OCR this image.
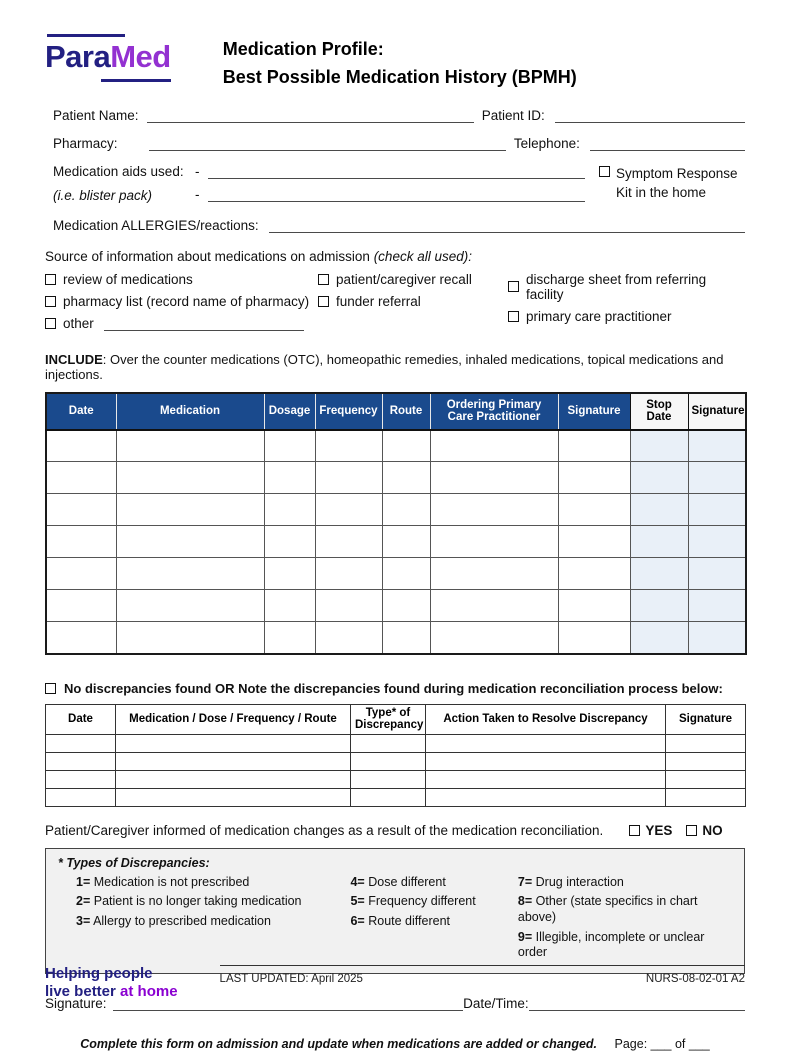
ParaMed	Medication Profile:
Best Possible Medication History (BPMH)
Patient Name:	Patient ID:
Pharmacy:	Telephone:
Medication aids used:
(i.e. blister pack)
-
-
Symptom Response
Kit in the home
Medication ALLERGIES/reactions:
Source of information about medications on admission (check all used):
review of medications
pharmacy list (record name of pharmacy)
other
patient/caregiver recall
funder referral
discharge sheet from referring facility
primary care practitioner
INCLUDE: Over the counter medications (OTC), homeopathic remedies, inhaled medications, topical medications and injections.
Date	Medication	Dosage	Frequency	Route	Ordering Primary Care Practitioner	Signature	Stop Date	Signature

No discrepancies found OR Note the discrepancies found during medication reconciliation process below:
Date	Medication / Dose / Frequency / Route	Type* of Discrepancy	Action Taken to Resolve Discrepancy	Signature

Patient/Caregiver informed of medication changes as a result of the medication reconciliation.	YES NO
* Types of Discrepancies:
1= Medication is not prescribed
2= Patient is no longer taking medication
3= Allergy to prescribed medication
4= Dose different
5= Frequency different
6= Route different
7= Drug interaction
8= Other (state specifics in chart above)
9= Illegible, incomplete or unclear order
Signature:	Date/Time:
Complete this form on admission and update when medications are added or changed. Page: ___ of ___
Helping people
live better at home
LAST UPDATED: April 2025	NURS-08-02-01 A2
